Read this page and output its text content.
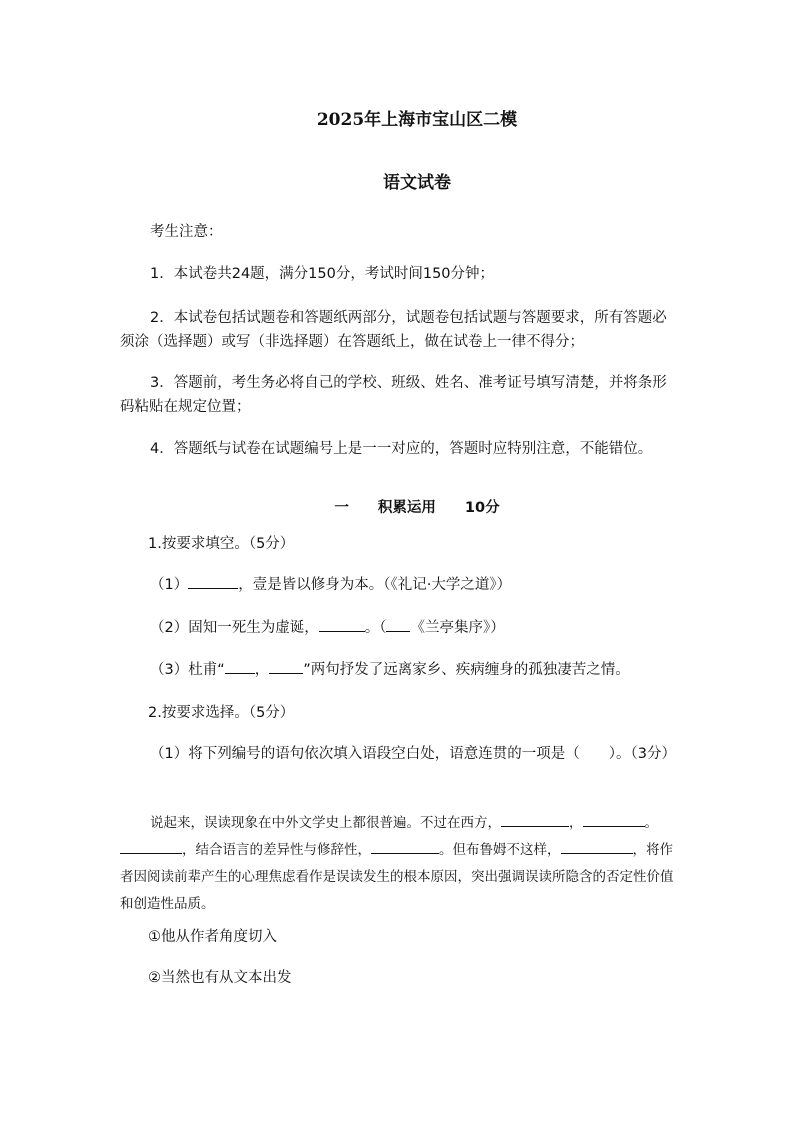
2025年上海市宝山区二模
语文试卷
考生注意：
1．本试卷共24题，满分150分，考试时间150分钟；
2．本试卷包括试题卷和答题纸两部分，试题卷包括试题与答题要求，所有答题必须涂（选择题）或写（非选择题）在答题纸上，做在试卷上一律不得分；
3．答题前，考生务必将自己的学校、班级、姓名、准考证号填写清楚，并将条形码粘贴在规定位置；
4．答题纸与试卷在试题编号上是一一对应的，答题时应特别注意，不能错位。
一　　积累运用　　10分
1.按要求填空。（5分）
（1）	，壹是皆以修身为本。（《礼记·大学之道》）
（2）固知一死生为虚诞，	。（ 《兰亭集序》）
（3）杜甫“ ， ”两句抒发了远离家乡、疾病缠身的孤独凄苦之情。
2.按要求选择。（5分）
（1）将下列编号的语句依次填入语段空白处，语意连贯的一项是（　　）。（3分）
说起来，误读现象在中外文学史上都很普遍。不过在西方，	，	。，结合语言的差异性与修辞性，	。但布鲁姆不这样，	，将作者因阅读前辈产生的心理焦虑看作是误读发生的根本原因，突出强调误读所隐含的否定性价值和创造性品质。
①他从作者角度切入
②当然也有从文本出发
